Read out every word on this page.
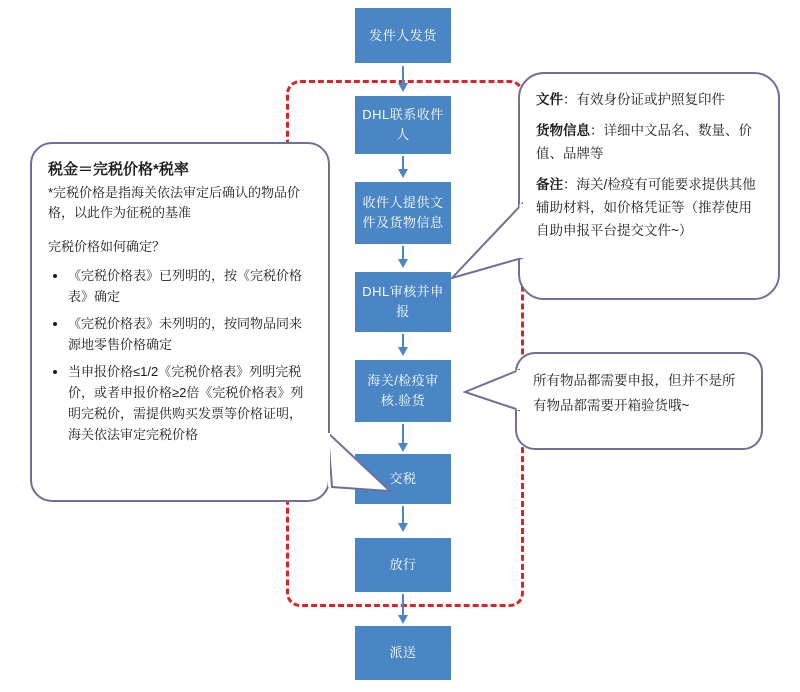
发件人发货
DHL联系收件人
收件人提供文件及货物信息
DHL审核并申报
海关/检疫审核.验货
交税
放行
派送
税金＝完税价格*税率

*完税价格是指海关依法审定后确认的物品价格，以此作为征税的基准

完税价格如何确定？

• 《完税价格表》已列明的，按《完税价格表》确定
• 《完税价格表》未列明的，按同物品同来源地零售价格确定
• 当申报价格≤1/2《完税价格表》列明完税价，或者申报价格≥2倍《完税价格表》列明完税价，需提供购买发票等价格证明，海关依法审定完税价格

文件：有效身份证或护照复印件

货物信息：详细中文品名、数量、价值、品牌等

备注：海关/检疫有可能要求提供其他辅助材料，如价格凭证等（推荐使用自助申报平台提交文件~）

所有物品都需要申报，但并不是所有物品都需要开箱验货哦~
